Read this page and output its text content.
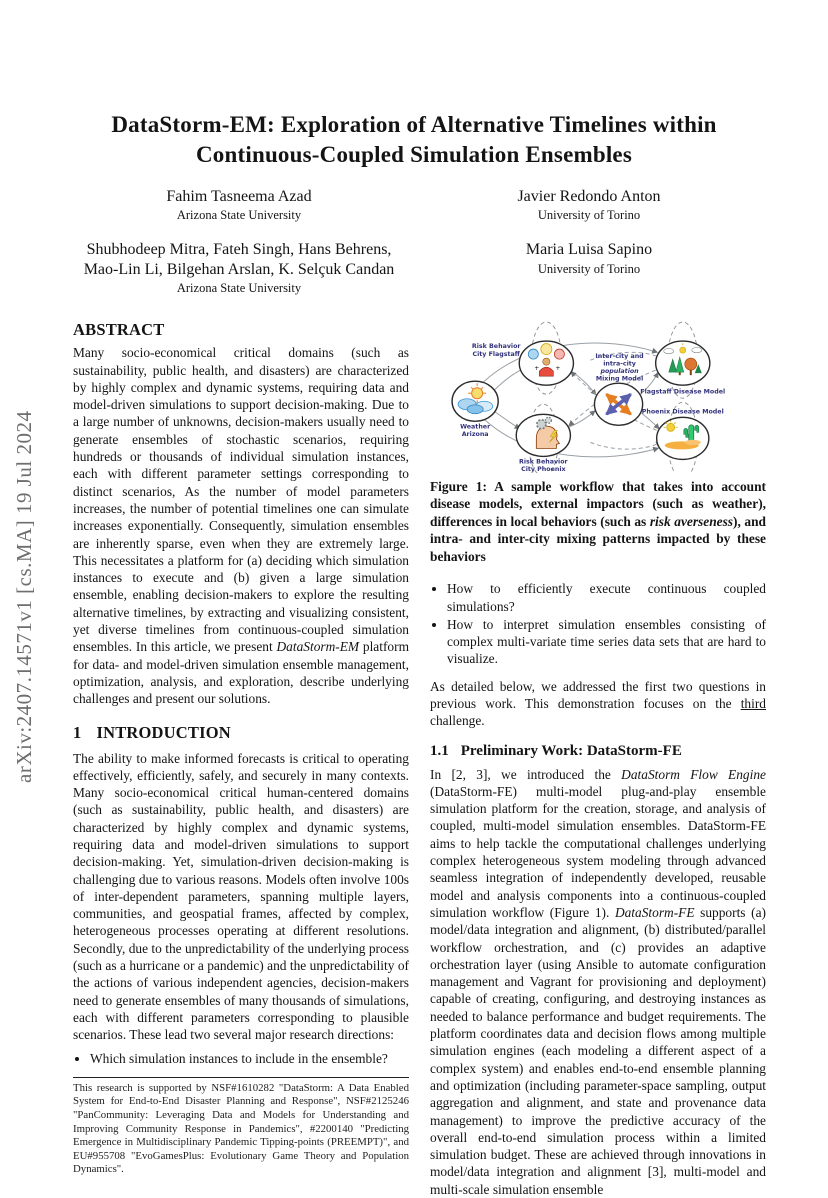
arXiv:2407.14571v1 [cs.MA] 19 Jul 2024
DataStorm-EM: Exploration of Alternative Timelines within Continuous-Coupled Simulation Ensembles
Fahim Tasneema Azad
Arizona State University
Javier Redondo Anton
University of Torino
Shubhodeep Mitra, Fateh Singh, Hans Behrens,
Mao-Lin Li, Bilgehan Arslan, K. Selçuk Candan
Arizona State University
Maria Luisa Sapino
University of Torino
ABSTRACT

Many socio-economical critical domains (such as sustainability, public health, and disasters) are characterized by highly complex and dynamic systems, requiring data and model-driven simulations to support decision-making. Due to a large number of unknowns, decision-makers usually need to generate ensembles of stochastic scenarios, requiring hundreds or thousands of individual simulation instances, each with different parameter settings corresponding to distinct scenarios, As the number of model parameters increases, the number of potential timelines one can simulate increases exponentially. Consequently, simulation ensembles are inherently sparse, even when they are extremely large. This necessitates a platform for (a) deciding which simulation instances to execute and (b) given a large simulation ensemble, enabling decision-makers to explore the resulting alternative timelines, by extracting and visualizing consistent, yet diverse timelines from continuous-coupled simulation ensembles. In this article, we present DataStorm-EM platform for data- and model-driven simulation ensemble management, optimization, analysis, and exploration, describe underlying challenges and present our solutions.

1 INTRODUCTION

The ability to make informed forecasts is critical to operating effectively, efficiently, safely, and securely in many contexts. Many socio-economical critical human-centered domains (such as sustainability, public health, and disasters) are characterized by highly complex and dynamic systems, requiring data and model-driven simulations to support decision-making. Yet, simulation-driven decision-making is challenging due to various reasons. Models often involve 100s of inter-dependent parameters, spanning multiple layers, communities, and geospatial frames, affected by complex, heterogeneous processes operating at different resolutions. Secondly, due to the unpredictability of the underlying process (such as a hurricane or a pandemic) and the unpredictability of the actions of various independent agencies, decision-makers need to generate ensembles of many thousands of simulations, each with different parameters corresponding to plausible scenarios. These lead two several major research directions:

• Which simulation instances to include in the ensemble?

This research is supported by NSF#1610282 "DataStorm: A Data Enabled System for End-to-End Disaster Planning and Response", NSF#2125246 "PanCommunity: Leveraging Data and Models for Understanding and Improving Community Response in Pandemics", #2200140 "Predicting Emergence in Multidisciplinary Pandemic Tipping-points (PREEMPT)", and EU#955708 "EvoGamesPlus: Evolutionary Game Theory and Population Dynamics".

+	+
Weather
Arizona
Risk Behavior
City Flagstaff
Risk Behavior
City Phoenix
Inter-city and
intra-city
population
Mixing Model
Flagstaff Disease Model
Phoenix Disease Model
Figure 1: A sample workflow that takes into account disease models, external impactors (such as weather), differences in local behaviors (such as risk averseness), and intra- and inter-city mixing patterns impacted by these behaviors
• How to efficiently execute continuous coupled simulations?
• How to interpret simulation ensembles consisting of complex multi-variate time series data sets that are hard to visualize.

As detailed below, we addressed the first two questions in previous work. This demonstration focuses on the third challenge.

1.1 Preliminary Work: DataStorm-FE

In [2, 3], we introduced the DataStorm Flow Engine (DataStorm-FE) multi-model plug-and-play ensemble simulation platform for the creation, storage, and analysis of coupled, multi-model simulation ensembles. DataStorm-FE aims to help tackle the computational challenges underlying complex heterogeneous system modeling through advanced seamless integration of independently developed, reusable model and analysis components into a continuous-coupled simulation workflow (Figure 1). DataStorm-FE supports (a) model/data integration and alignment, (b) distributed/parallel workflow orchestration, and (c) provides an adaptive orchestration layer (using Ansible to automate configuration management and Vagrant for provisioning and deployment) capable of creating, configuring, and destroying instances as needed to balance performance and budget requirements. The platform coordinates data and decision flows among multiple simulation engines (each modeling a different aspect of a complex system) and enables end-to-end ensemble planning and optimization (including parameter-space sampling, output aggregation and alignment, and state and provenance data management) to improve the predictive accuracy of the overall end-to-end simulation process within a limited simulation budget. These are achieved through innovations in model/data integration and alignment [3], multi-model and multi-scale simulation ensemble
